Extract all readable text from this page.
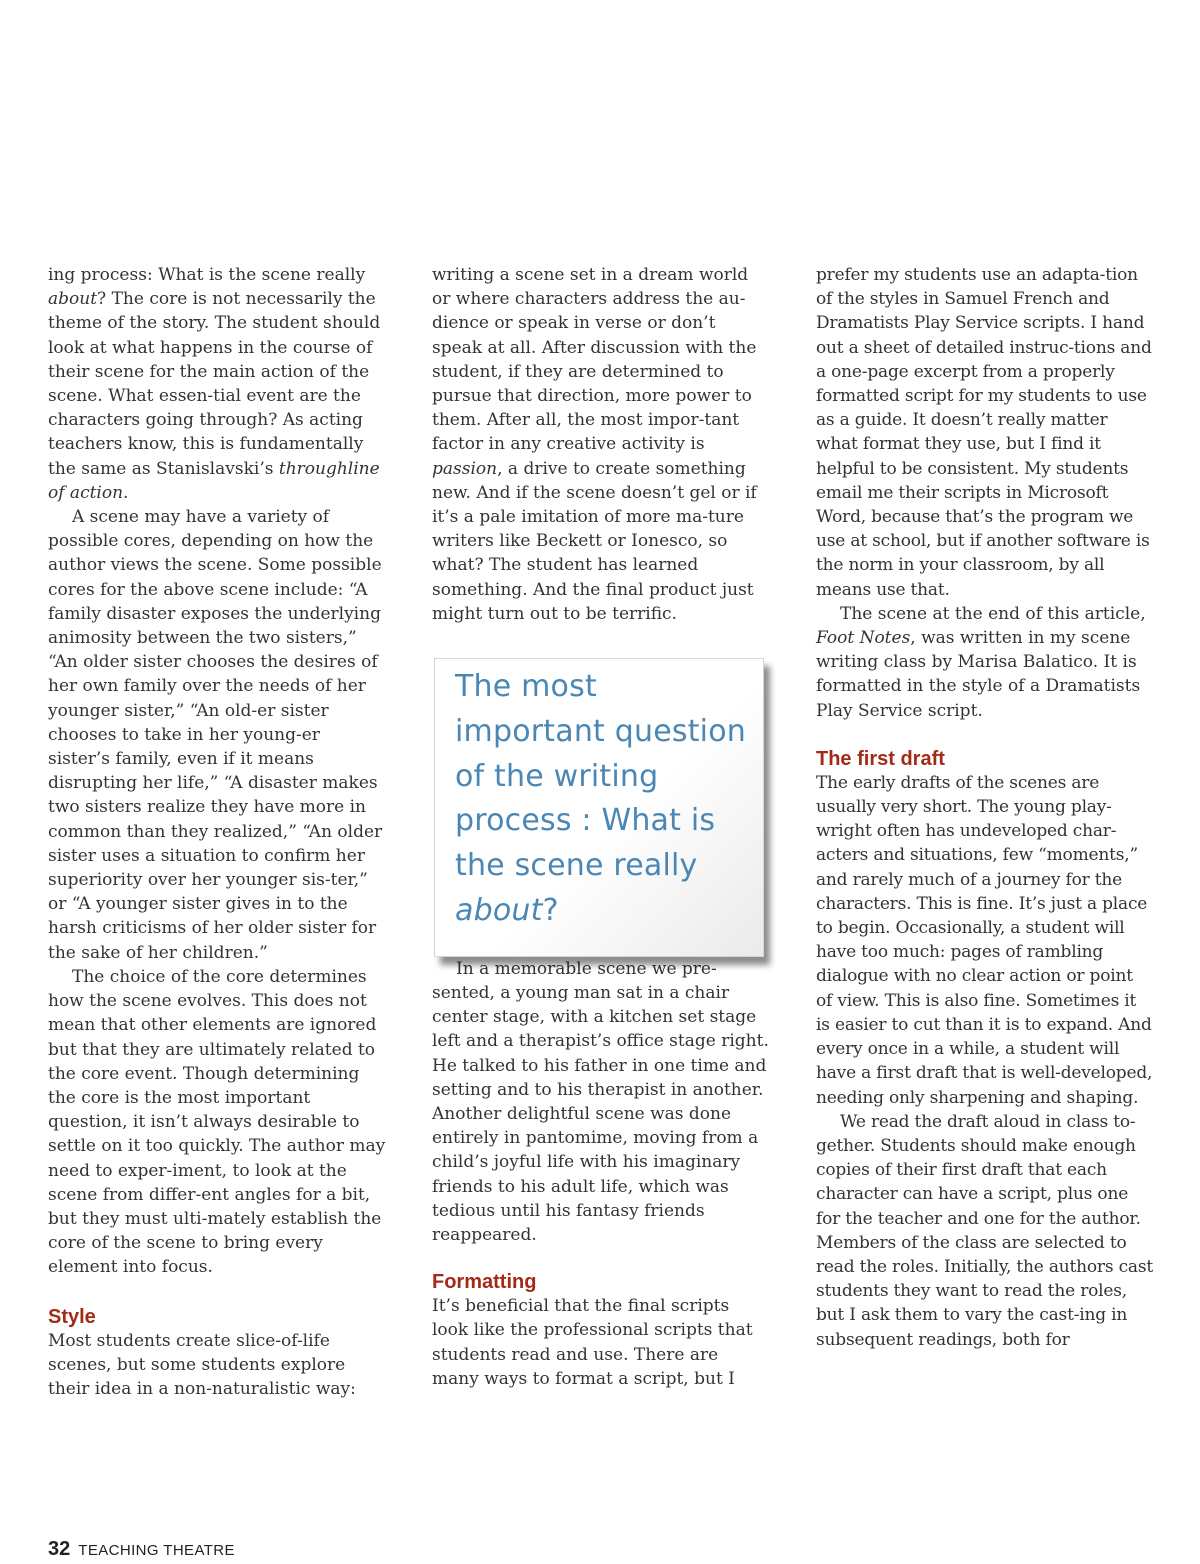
ing process: What is the scene really about? The core is not necessarily the theme of the story. The student should look at what happens in the course of their scene for the main action of the scene. What essen-tial event are the characters going through? As acting teachers know, this is fundamentally the same as Stanislavski’s throughline of action.

A scene may have a variety of possible cores, depending on how the author views the scene. Some possible cores for the above scene include: “A family disaster exposes the underlying animosity between the two sisters,” “An older sister chooses the desires of her own family over the needs of her younger sister,” “An old-er sister chooses to take in her young-er sister’s family, even if it means disrupting her life,” “A disaster makes two sisters realize they have more in common than they realized,” “An older sister uses a situation to confirm her superiority over her younger sis-ter,” or “A younger sister gives in to the harsh criticisms of her older sister for the sake of her children.”

The choice of the core determines how the scene evolves. This does not mean that other elements are ignored but that they are ultimately related to the core event. Though determining the core is the most important question, it isn’t always desirable to settle on it too quickly. The author may need to exper-iment, to look at the scene from differ-ent angles for a bit, but they must ulti-mately establish the core of the scene to bring every element into focus.

Style

Most students create slice-of-life scenes, but some students explore their idea in a non-naturalistic way:

writing a scene set in a dream world or where characters address the au-dience or speak in verse or don’t speak at all. After discussion with the student, if they are determined to pursue that direction, more power to them. After all, the most impor-tant factor in any creative activity is passion, a drive to create something new. And if the scene doesn’t gel or if it’s a pale imitation of more ma-ture writers like Beckett or Ionesco, so what? The student has learned something. And the final product just might turn out to be terrific.

The most important question of the writing process : What is the scene really about?

In a memorable scene we pre-sented, a young man sat in a chair center stage, with a kitchen set stage left and a therapist’s office stage right. He talked to his father in one time and setting and to his therapist in another. Another delightful scene was done entirely in pantomime, moving from a child’s joyful life with his imaginary friends to his adult life, which was tedious until his fantasy friends reappeared.

Formatting

It’s beneficial that the final scripts look like the professional scripts that students read and use. There are many ways to format a script, but I

prefer my students use an adapta-tion of the styles in Samuel French and Dramatists Play Service scripts. I hand out a sheet of detailed instruc-tions and a one-page excerpt from a properly formatted script for my students to use as a guide. It doesn’t really matter what format they use, but I find it helpful to be consistent. My students email me their scripts in Microsoft Word, because that’s the program we use at school, but if another software is the norm in your classroom, by all means use that.

The scene at the end of this article, Foot Notes, was written in my scene writing class by Marisa Balatico. It is formatted in the style of a Dramatists Play Service script.

The first draft

The early drafts of the scenes are usually very short. The young play-wright often has undeveloped char-acters and situations, few “moments,” and rarely much of a journey for the characters. This is fine. It’s just a place to begin. Occasionally, a student will have too much: pages of rambling dialogue with no clear action or point of view. This is also fine. Sometimes it is easier to cut than it is to expand. And every once in a while, a student will have a first draft that is well-developed, needing only sharpening and shaping.

We read the draft aloud in class to-gether. Students should make enough copies of their first draft that each character can have a script, plus one for the teacher and one for the author. Members of the class are selected to read the roles. Initially, the authors cast students they want to read the roles, but I ask them to vary the cast-ing in subsequent readings, both for

32 TEACHING THEATRE
